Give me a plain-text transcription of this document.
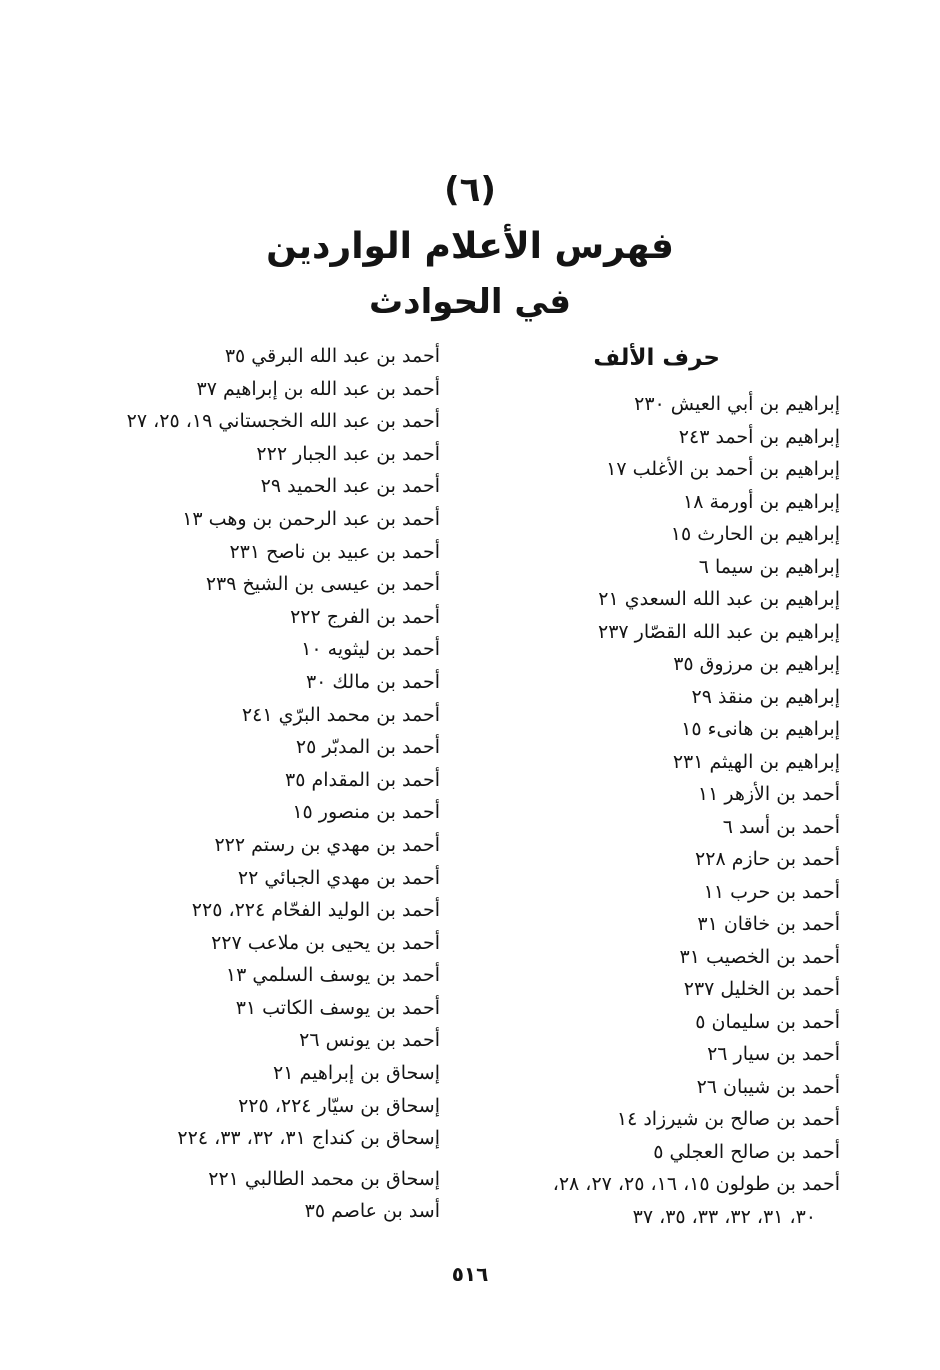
(٦)
فهرس الأعلام الواردين
في الحوادث
حرف الألف
إبراهيم بن أبي العيش ٢٣٠
إبراهيم بن أحمد ٢٤٣
إبراهيم بن أحمد بن الأغلب ١٧
إبراهيم بن أورمة ١٨
إبراهيم بن الحارث ١٥
إبراهيم بن سيما ٦
إبراهيم بن عبد الله السعدي ٢١
إبراهيم بن عبد الله القصّار ٢٣٧
إبراهيم بن مرزوق ٣٥
إبراهيم بن منقذ ٢٩
إبراهيم بن هانىء ١٥
إبراهيم بن الهيثم ٢٣١
أحمد بن الأزهر ١١
أحمد بن أسد ٦
أحمد بن حازم ٢٢٨
أحمد بن حرب ١١
أحمد بن خاقان ٣١
أحمد بن الخصيب ٣١
أحمد بن الخليل ٢٣٧
أحمد بن سليمان ٥
أحمد بن سيار ٢٦
أحمد بن شيبان ٢٦
أحمد بن صالح بن شيرزاد ١٤
أحمد بن صالح العجلي ٥
أحمد بن طولون ١٥، ١٦، ٢٥، ٢٧، ٢٨،
٣٠، ٣١، ٣٢، ٣٣، ٣٥، ٣٧
أحمد بن عبد الله البرقي ٣٥
أحمد بن عبد الله بن إبراهيم ٣٧
أحمد بن عبد الله الخجستاني ١٩، ٢٥، ٢٧
أحمد بن عبد الجبار ٢٢٢
أحمد بن عبد الحميد ٢٩
أحمد بن عبد الرحمن بن وهب ١٣
أحمد بن عبيد بن ناصح ٢٣١
أحمد بن عيسى بن الشيخ ٢٣٩
أحمد بن الفرج ٢٢٢
أحمد بن ليثويه ١٠
أحمد بن مالك ٣٠
أحمد بن محمد البرّي ٢٤١
أحمد بن المدبّر ٢٥
أحمد بن المقدام ٣٥
أحمد بن منصور ١٥
أحمد بن مهدي بن رستم ٢٢٢
أحمد بن مهدي الجبائي ٢٢
أحمد بن الوليد الفحّام ٢٢٤، ٢٢٥
أحمد بن يحيى بن ملاعب ٢٢٧
أحمد بن يوسف السلمي ١٣
أحمد بن يوسف الكاتب ٣١
أحمد بن يونس ٢٦
إسحاق بن إبراهيم ٢١
إسحاق بن سيّار ٢٢٤، ٢٢٥
إسحاق بن كنداج ٣١، ٣٢، ٣٣، ٢٢٤
إسحاق بن محمد الطالبي ٢٢١
أسد بن عاصم ٣٥
٥١٦
